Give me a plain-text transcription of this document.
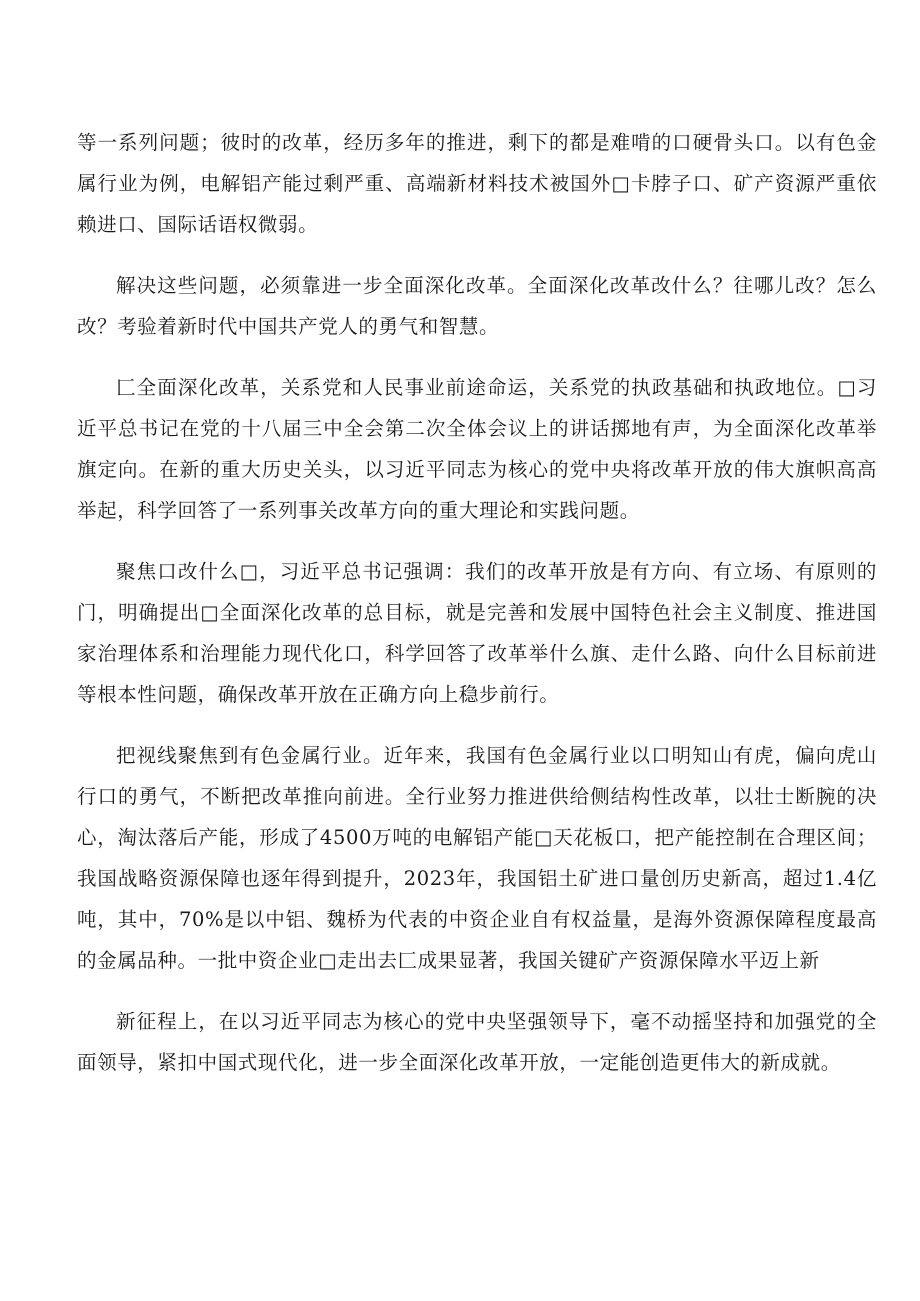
等一系列问题；彼时的改革，经历多年的推进，剩下的都是难啃的口硬骨头口。以有色金属行业为例，电解铝产能过剩严重、高端新材料技术被国外□卡脖子口、矿产资源严重依赖进口、国际话语权微弱。

解决这些问题，必须靠进一步全面深化改革。全面深化改革改什么？往哪儿改？怎么改？考验着新时代中国共产党人的勇气和智慧。

匚全面深化改革，关系党和人民事业前途命运，关系党的执政基础和执政地位。□习近平总书记在党的十八届三中全会第二次全体会议上的讲话掷地有声，为全面深化改革举旗定向。在新的重大历史关头，以习近平同志为核心的党中央将改革开放的伟大旗帜高高举起，科学回答了一系列事关改革方向的重大理论和实践问题。

聚焦口改什么□，习近平总书记强调：我们的改革开放是有方向、有立场、有原则的门，明确提出□全面深化改革的总目标，就是完善和发展中国特色社会主义制度、推进国家治理体系和治理能力现代化口，科学回答了改革举什么旗、走什么路、向什么目标前进等根本性问题，确保改革开放在正确方向上稳步前行。

把视线聚焦到有色金属行业。近年来，我国有色金属行业以口明知山有虎，偏向虎山行口的勇气，不断把改革推向前进。全行业努力推进供给侧结构性改革，以壮士断腕的决心，淘汰落后产能，形成了4500万吨的电解铝产能□天花板口，把产能控制在合理区间；我国战略资源保障也逐年得到提升，2023年，我国铝土矿进口量创历史新高，超过1.4亿吨，其中，70%是以中铝、魏桥为代表的中资企业自有权益量，是海外资源保障程度最高的金属品种。一批中资企业□走出去匚成果显著，我国关键矿产资源保障水平迈上新

新征程上，在以习近平同志为核心的党中央坚强领导下，毫不动摇坚持和加强党的全面领导，紧扣中国式现代化，进一步全面深化改革开放，一定能创造更伟大的新成就。
